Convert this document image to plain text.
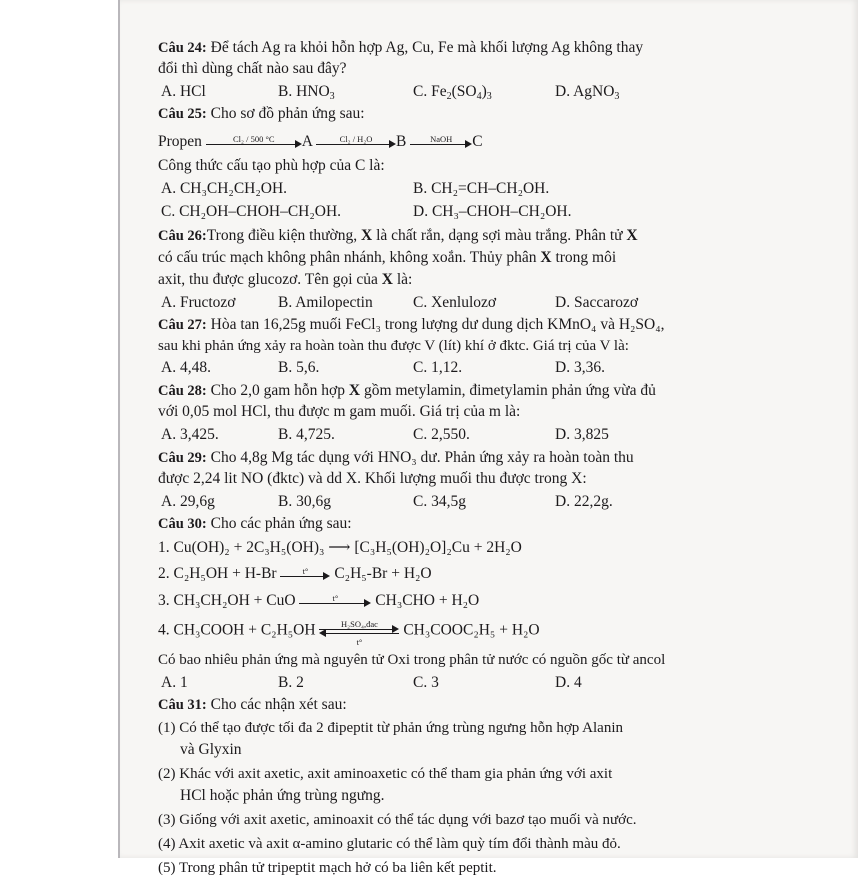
Câu 24: Để tách Ag ra khỏi hỗn hợp Ag, Cu, Fe mà khối lượng Ag không thay
đổi thì dùng chất nào sau đây?
A. HCl	B. $HNO_3$	C. $Fe_2(SO_4)_3$	D. AgNO$_3$
Câu 25: Cho sơ đồ phản ứng sau:
Propen	Cl₂ / 500 °C	A	Cl₂ / H₂O	B	NaOH	C
Công thức cấu tạo phù hợp của C là:
A. CH₃CH₂CH₂OH.	B. CH₂=CH–CH₂OH.
C. CH₂OH–CHOH–CH₂OH.	D. CH₃–CHOH–CH₂OH.
Câu 26:Trong điều kiện thường, X là chất rắn, dạng sợi màu trắng. Phân tử X
có cấu trúc mạch không phân nhánh, không xoắn. Thủy phân X trong môi
axit, thu được glucozơ. Tên gọi của X là:
A. Fructozơ	B. Amilopectin	C. Xenlulozơ	D. Saccarozơ
Câu 27: Hòa tan 16,25g muối FeCl₃ trong lượng dư dung dịch KMnO₄ và H₂SO₄,
sau khi phản ứng xảy ra hoàn toàn thu được V (lít) khí ở đktc. Giá trị của V là:
A. 4,48.	B. 5,6.	C. 1,12.	D. 3,36.
Câu 28: Cho 2,0 gam hỗn hợp X gồm metylamin, đimetylamin phản ứng vừa đủ
với 0,05 mol HCl, thu được m gam muối. Giá trị của m là:
A. 3,425.	B. 4,725.	C. 2,550.	D. 3,825
Câu 29: Cho 4,8g Mg tác dụng với HNO₃ dư. Phản ứng xảy ra hoàn toàn thu
được 2,24 lit NO (đktc) và dd X. Khối lượng muối thu được trong X:
A. 29,6g	B. 30,6g	C. 34,5g	D. 22,2g.
Câu 30: Cho các phản ứng sau:
1. Cu(OH)₂ + 2C₃H₅(OH)₃ ⟶ [C₃H₅(OH)₂O]₂Cu + 2H₂O
2. C₂H₅OH + H-Br	t°	C₂H₅-Br + H₂O
3. CH₃CH₂OH + CuO	t°	CH₃CHO + H₂O
4. CH₃COOH + C₂H₅OH	H₂SO₄,đac
t°
CH₃COOC₂H₅ + H₂O
Có bao nhiêu phản ứng mà nguyên tử Oxi trong phân tử nước có nguồn gốc từ ancol
A. 1	B. 2	C. 3	D. 4
Câu 31: Cho các nhận xét sau:
(1) Có thể tạo được tối đa 2 đipeptit từ phản ứng trùng ngưng hỗn hợp Alanin
và Glyxin
(2) Khác với axit axetic, axit aminoaxetic có thể tham gia phản ứng với axit
HCl hoặc phản ứng trùng ngưng.
(3) Giống với axit axetic, aminoaxit có thể tác dụng với bazơ tạo muối và nước.
(4) Axit axetic và axit α-amino glutaric có thể làm quỳ tím đổi thành màu đỏ.
(5) Trong phân tử tripeptit mạch hở có ba liên kết peptit.
